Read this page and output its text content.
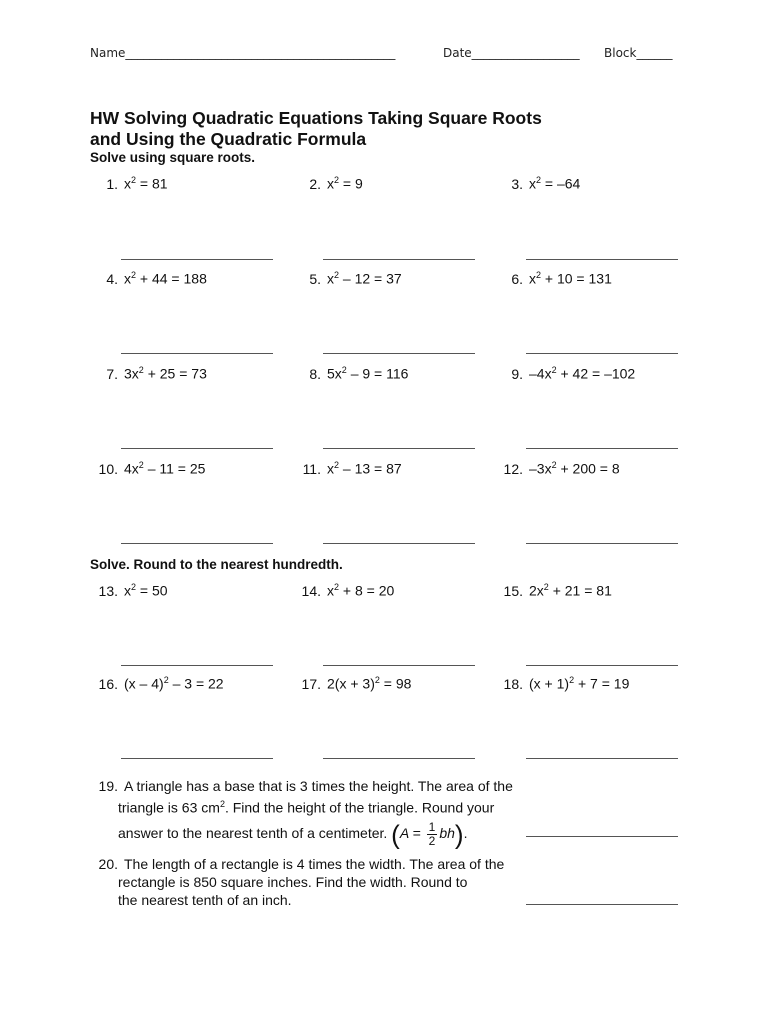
Name_____________________________________________	Date__________________ Block______
HW Solving Quadratic Equations Taking Square Roots
and Using the Quadratic Formula
Solve using square roots.
Solve. Round to the nearest hundredth.
1. $x^2 = 81$	2. $x^2 = 9$	3. $x^2 = -64$
4. $x^2 + 44 = 188$	5. $x^2 - 12 = 37$	6. $x^2 + 10 = 131$
7. $3x^2 + 25 = 73$	8. $5x^2 - 9 = 116$	9. $-4x^2 + 42 = -102$
10. $4x^2 - 11 = 25$	11. $x^2 - 13 = 87$	12. $-3x^2 + 200 = 8$
13. $x^2 = 50$	14. $x^2 + 8 = 20$	15. $2x^2 + 21 = 81$
16. (x – 4)$^2$ – 3 = 22	17. $2(x + 3)^2 = 98$	18. $(x + 1)^2 + 7 = 19$
19. A triangle has a base that is 3 times the height. The area of the
triangle is 63 $cm^2$. Find the height of the triangle. Round your
answer to the nearest tenth of a centimeter. $(A = \frac{1}{2} bh)$.
20. The length of a rectangle is 4 times the width. The area of the
rectangle is 850 square inches. Find the width. Round to
the nearest tenth of an inch.
